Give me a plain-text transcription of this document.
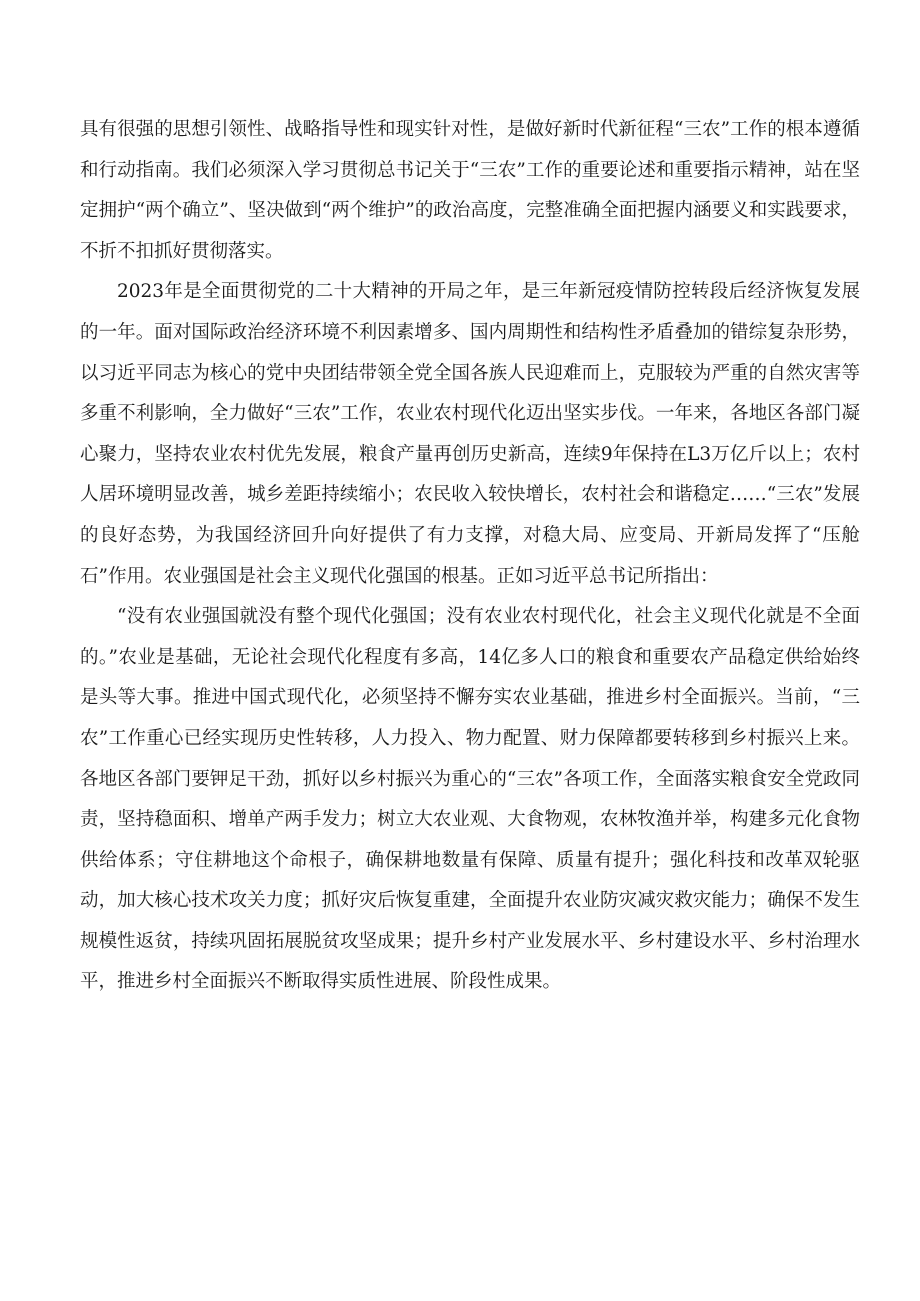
具有很强的思想引领性、战略指导性和现实针对性，是做好新时代新征程“三农”工作的根本遵循和行动指南。我们必须深入学习贯彻总书记关于“三农”工作的重要论述和重要指示精神，站在坚定拥护“两个确立”、坚决做到“两个维护”的政治高度，完整准确全面把握内涵要义和实践要求，不折不扣抓好贯彻落实。

2023年是全面贯彻党的二十大精神的开局之年，是三年新冠疫情防控转段后经济恢复发展的一年。面对国际政治经济环境不利因素增多、国内周期性和结构性矛盾叠加的错综复杂形势，以习近平同志为核心的党中央团结带领全党全国各族人民迎难而上，克服较为严重的自然灾害等多重不利影响，全力做好“三农”工作，农业农村现代化迈出坚实步伐。一年来，各地区各部门凝心聚力，坚持农业农村优先发展，粮食产量再创历史新高，连续9年保持在L3万亿斤以上；农村人居环境明显改善，城乡差距持续缩小；农民收入较快增长，农村社会和谐稳定……“三农”发展的良好态势，为我国经济回升向好提供了有力支撑，对稳大局、应变局、开新局发挥了“压舱石”作用。农业强国是社会主义现代化强国的根基。正如习近平总书记所指出：

“没有农业强国就没有整个现代化强国；没有农业农村现代化，社会主义现代化就是不全面的。”农业是基础，无论社会现代化程度有多高，14亿多人口的粮食和重要农产品稳定供给始终是头等大事。推进中国式现代化，必须坚持不懈夯实农业基础，推进乡村全面振兴。当前，“三农”工作重心已经实现历史性转移，人力投入、物力配置、财力保障都要转移到乡村振兴上来。各地区各部门要钾足干劲，抓好以乡村振兴为重心的“三农”各项工作，全面落实粮食安全党政同责，坚持稳面积、增单产两手发力；树立大农业观、大食物观，农林牧渔并举，构建多元化食物供给体系；守住耕地这个命根子，确保耕地数量有保障、质量有提升；强化科技和改革双轮驱动，加大核心技术攻关力度；抓好灾后恢复重建，全面提升农业防灾减灾救灾能力；确保不发生规模性返贫，持续巩固拓展脱贫攻坚成果；提升乡村产业发展水平、乡村建设水平、乡村治理水平，推进乡村全面振兴不断取得实质性进展、阶段性成果。
